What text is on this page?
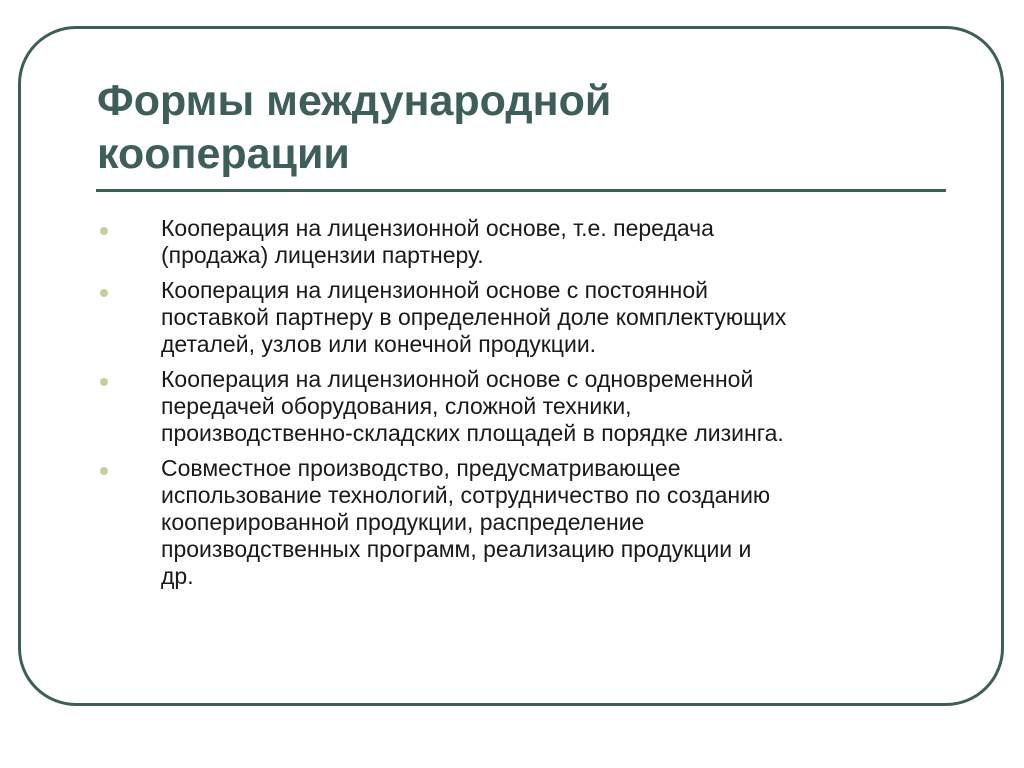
Формы международной
кооперации
Кооперация на лицензионной основе, т.е. передача
(продажа) лицензии партнеру.
Кооперация на лицензионной основе с постоянной
поставкой партнеру в определенной доле комплектующих
деталей, узлов или конечной продукции.
Кооперация на лицензионной основе с одновременной
передачей оборудования, сложной техники,
производственно-складских площадей в порядке лизинга.
Совместное производство, предусматривающее
использование технологий, сотрудничество по созданию
кооперированной продукции, распределение
производственных программ, реализацию продукции и
др.
